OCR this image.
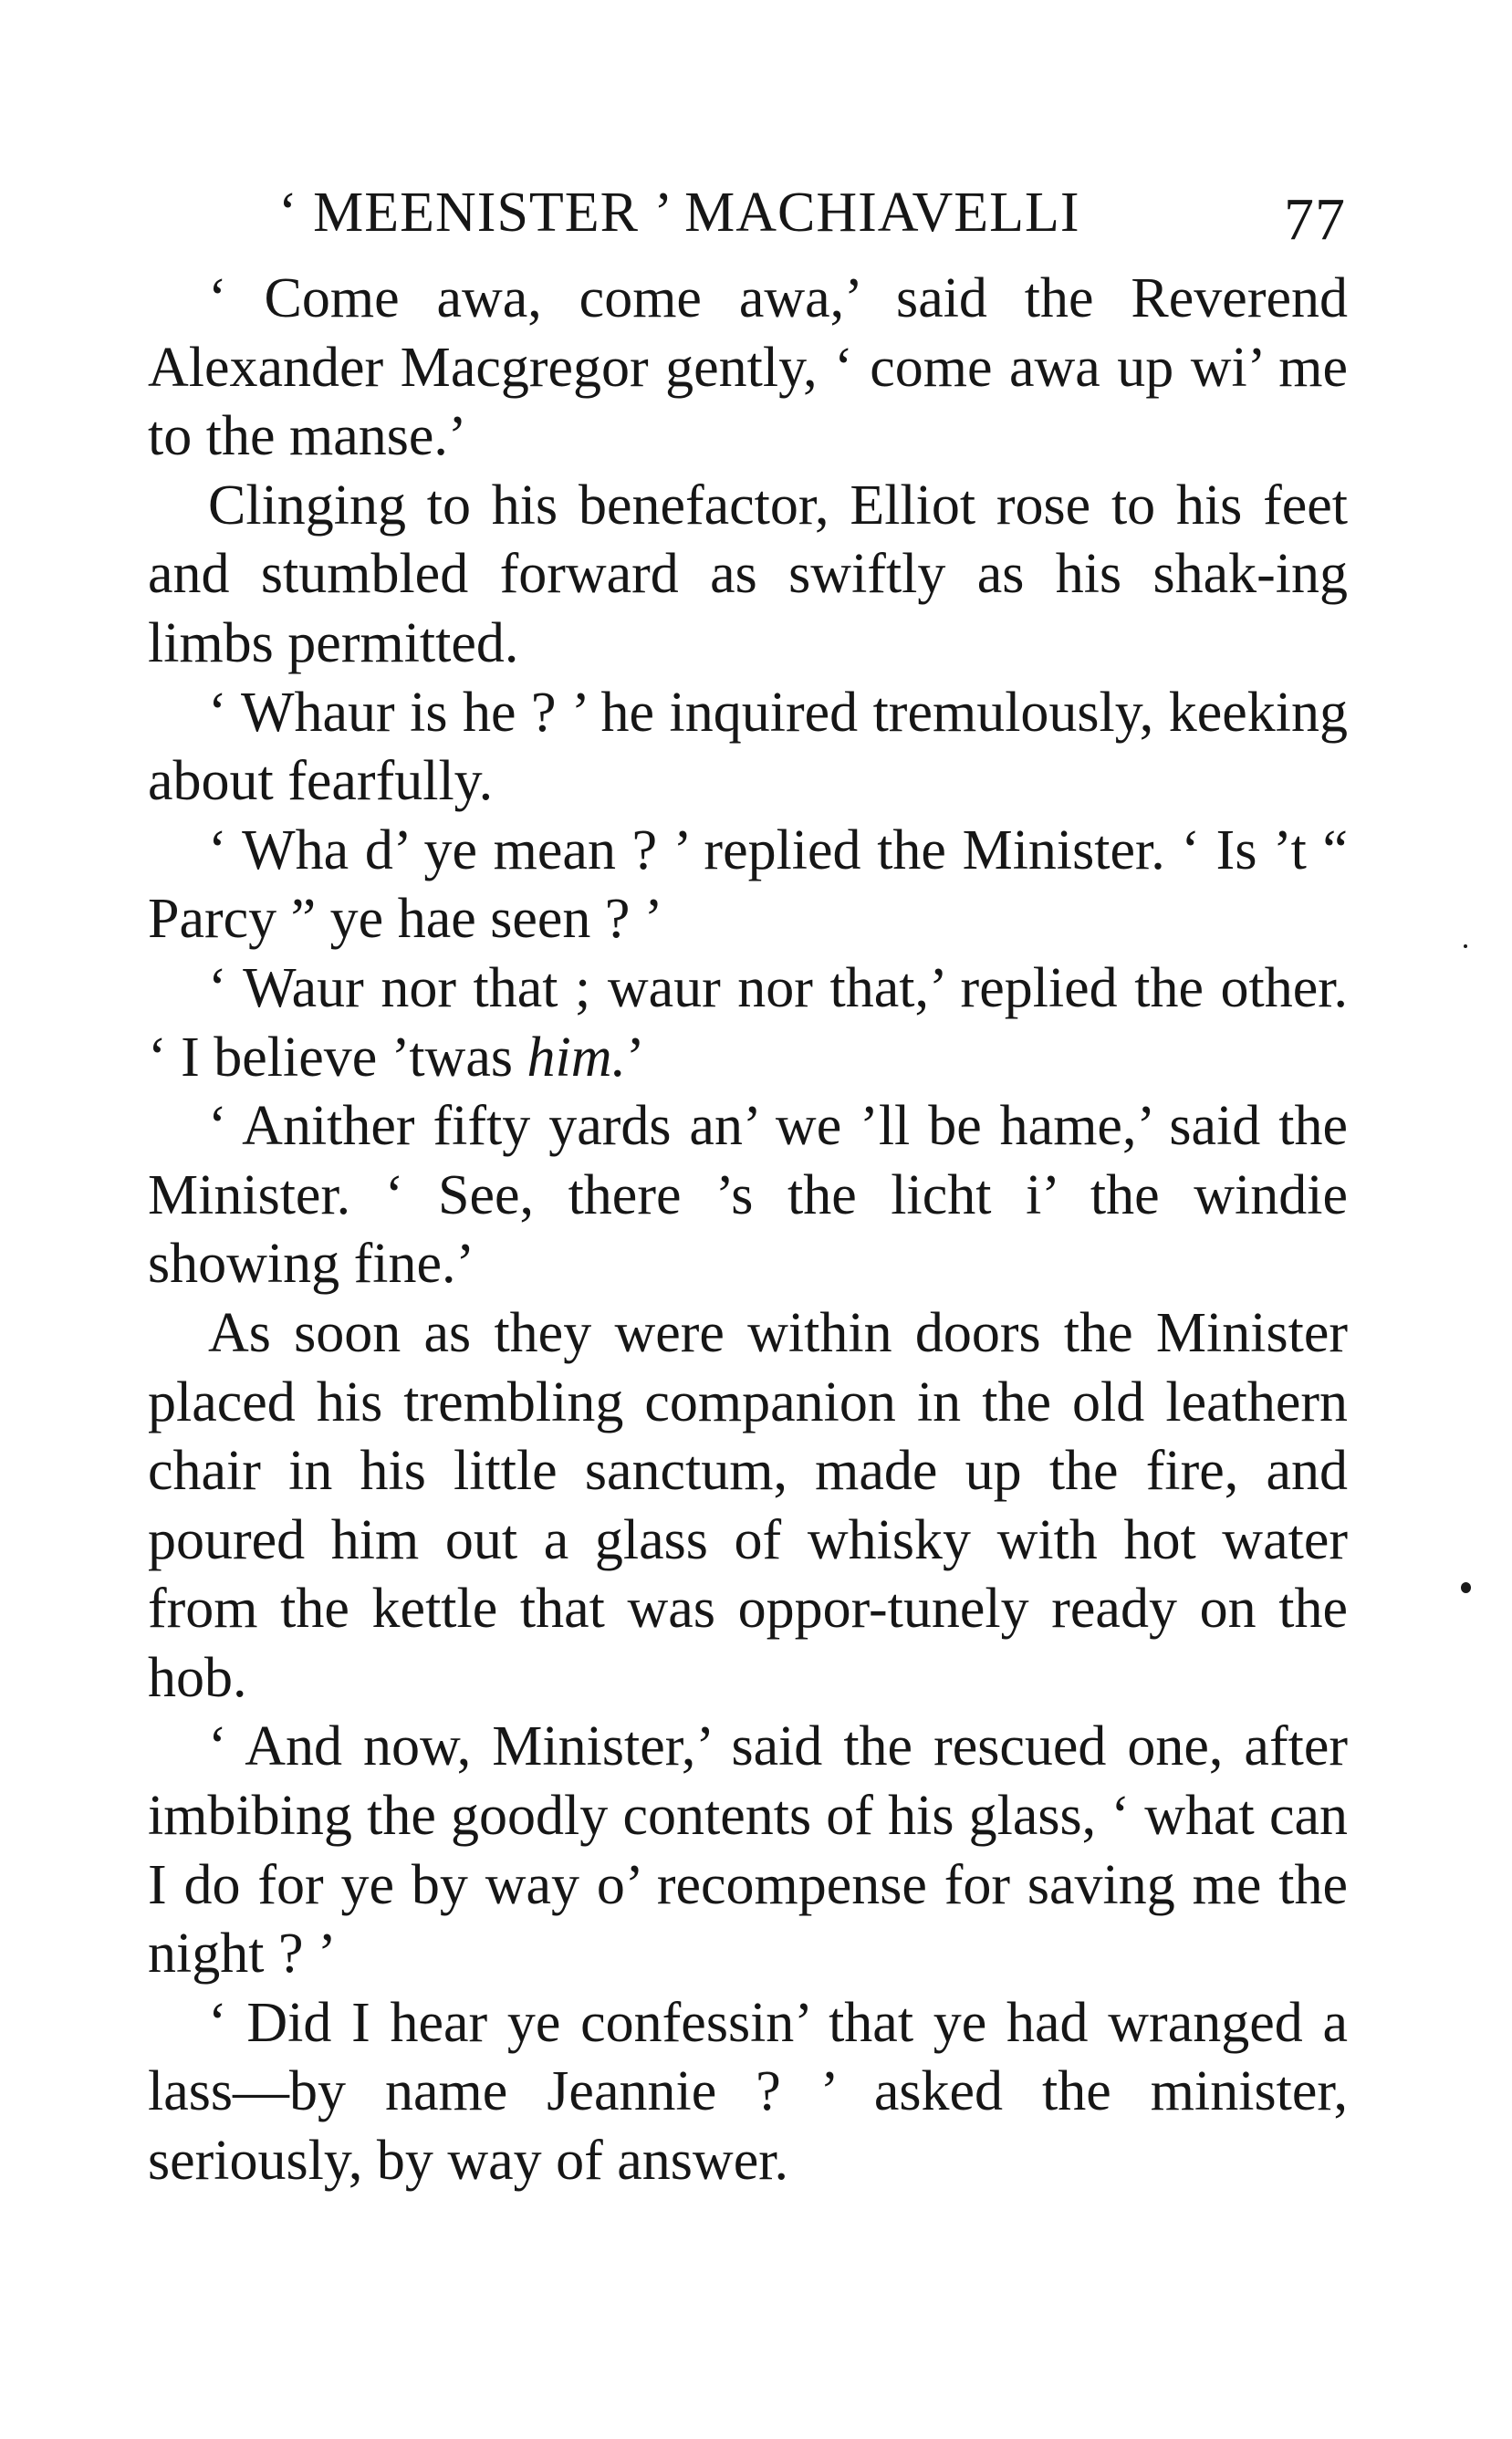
‘ MEENISTER ’ MACHIAVELLI	77

‘ Come awa, come awa,’ said the Reverend Alexander Macgregor gently, ‘ come awa up wi’ me to the manse.’

Clinging to his benefactor, Elliot rose to his feet and stumbled forward as swiftly as his shak-ing limbs permitted.

‘ Whaur is he ? ’ he inquired tremulously, keeking about fearfully.

‘ Wha d’ ye mean ? ’ replied the Minister. ‘ Is ’t “ Parcy ” ye hae seen ? ’

‘ Waur nor that ; waur nor that,’ replied the other. ‘ I believe ’twas him.’

‘ Anither fifty yards an’ we ’ll be hame,’ said the Minister. ‘ See, there ’s the licht i’ the windie showing fine.’

As soon as they were within doors the Minister placed his trembling companion in the old leathern chair in his little sanctum, made up the fire, and poured him out a glass of whisky with hot water from the kettle that was oppor-tunely ready on the hob.

‘ And now, Minister,’ said the rescued one, after imbibing the goodly contents of his glass, ‘ what can I do for ye by way o’ recompense for saving me the night ? ’

‘ Did I hear ye confessin’ that ye had wranged a lass—by name Jeannie ? ’ asked the minister, seriously, by way of answer.
